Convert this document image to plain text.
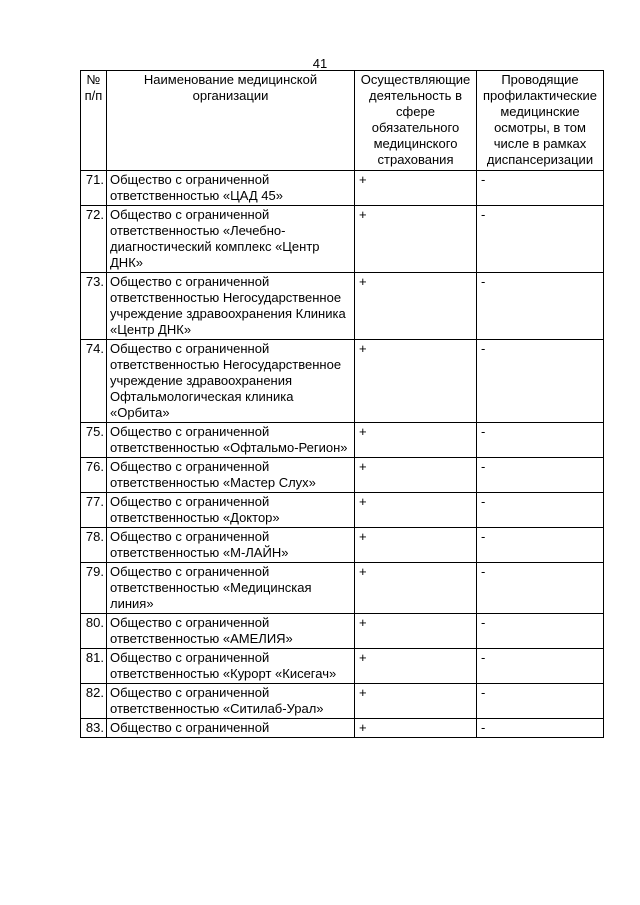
41
№ п/п	Наименование медицинской организации	Осуществляющие деятельность в сфере обязательного медицинского страхования	Проводящие профилактические медицинские осмотры, в том числе в рамках диспансеризации
71.	Общество с ограниченной ответственностью «ЦАД 45»	+	-
72.	Общество с ограниченной ответственностью «Лечебно-диагностический комплекс «Центр ДНК»	+	-
73.	Общество с ограниченной ответственностью Негосударственное учреждение здравоохранения Клиника «Центр ДНК»	+	-
74.	Общество с ограниченной ответственностью Негосударственное учреждение здравоохранения Офтальмологическая клиника «Орбита»	+	-
75.	Общество с ограниченной ответственностью «Офтальмо-Регион»	+	-
76.	Общество с ограниченной ответственностью «Мастер Слух»	+	-
77.	Общество с ограниченной ответственностью «Доктор»	+	-
78.	Общество с ограниченной ответственностью «М-ЛАЙН»	+	-
79.	Общество с ограниченной ответственностью «Медицинская линия»	+	-
80.	Общество с ограниченной ответственностью «АМЕЛИЯ»	+	-
81.	Общество с ограниченной ответственностью «Курорт «Кисегач»	+	-
82.	Общество с ограниченной ответственностью «Ситилаб-Урал»	+	-
83.	Общество с ограниченной	+	-
